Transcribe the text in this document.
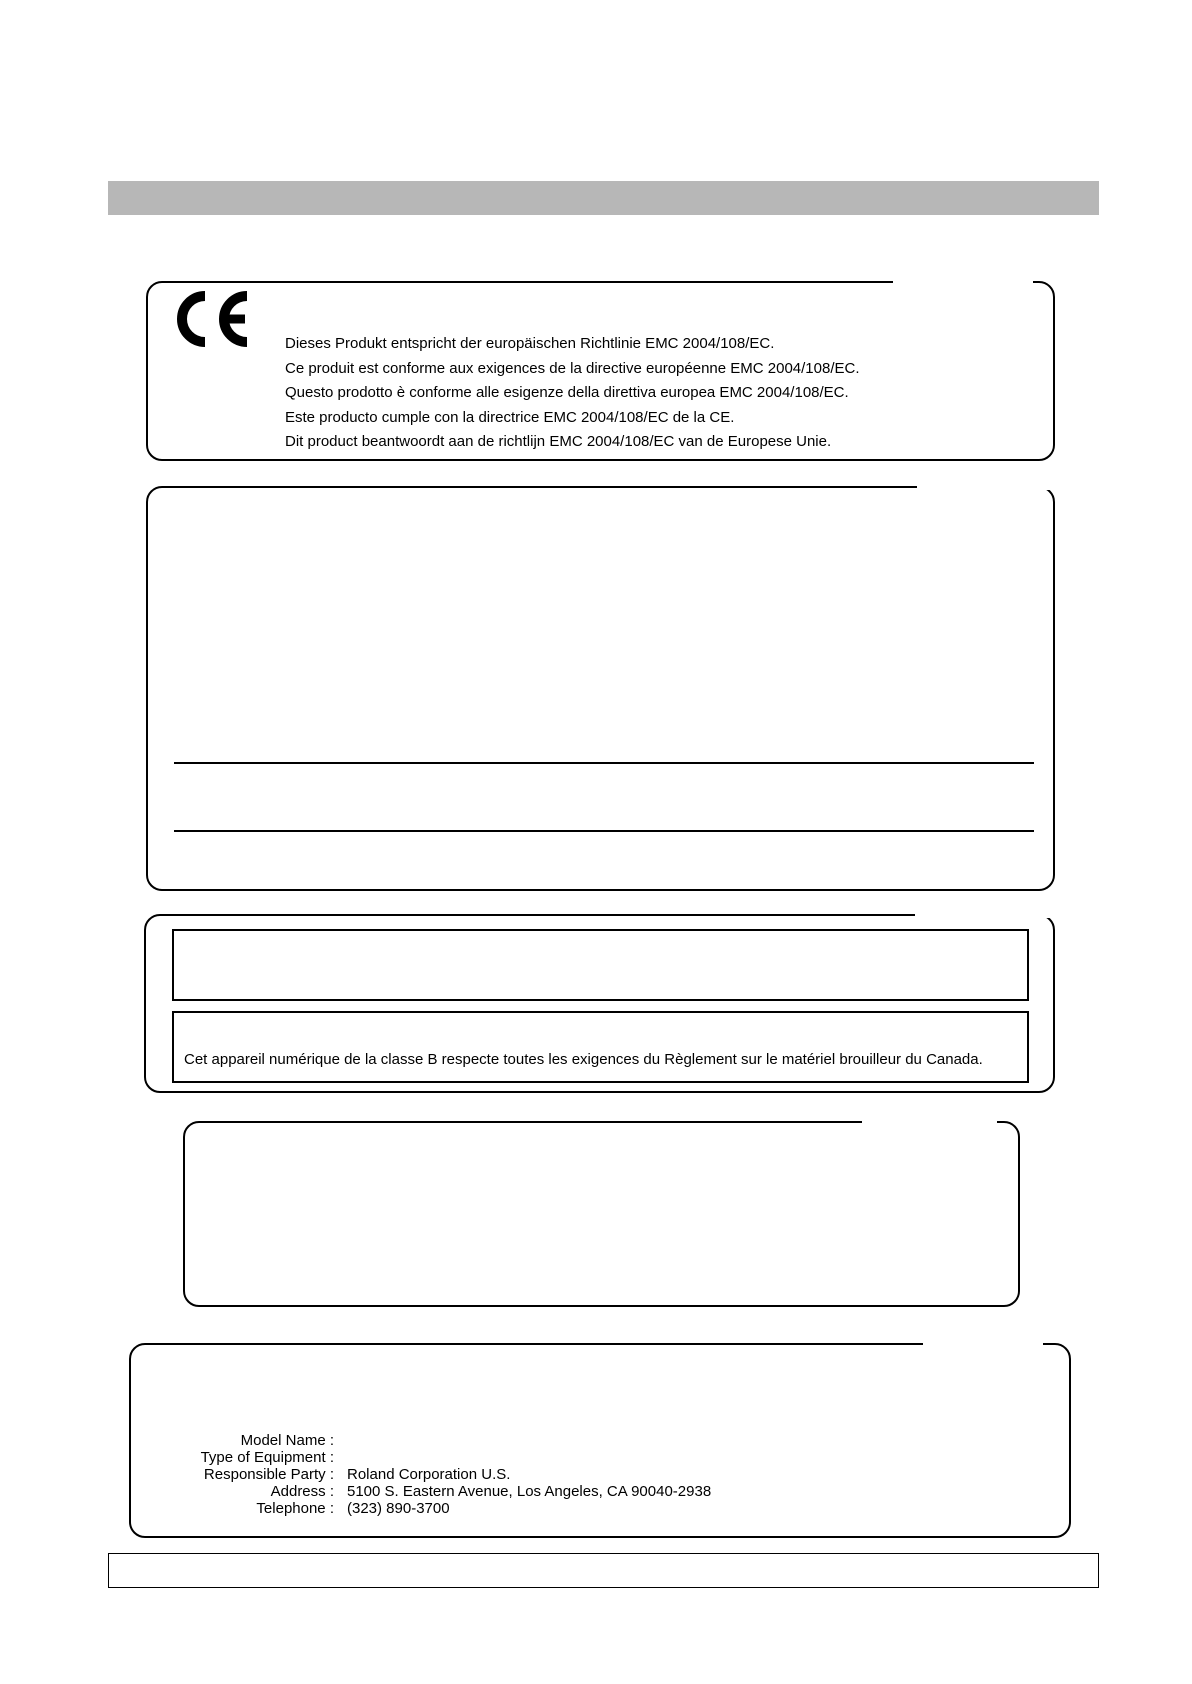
Dieses Produkt entspricht der europäischen Richtlinie EMC 2004/108/EC.
Ce produit est conforme aux exigences de la directive européenne EMC 2004/108/EC.
Questo prodotto è conforme alle esigenze della direttiva europea EMC 2004/108/EC.
Este producto cumple con la directrice EMC 2004/108/EC de la CE.
Dit product beantwoordt aan de richtlijn EMC 2004/108/EC van de Europese Unie.
Cet appareil numérique de la classe B respecte toutes les exigences du Règlement sur le matériel brouilleur du Canada.
Model Name :
Type of Equipment :
Responsible Party : Roland Corporation U.S.
Address : 5100 S. Eastern Avenue, Los Angeles, CA 90040-2938
Telephone : (323) 890-3700
